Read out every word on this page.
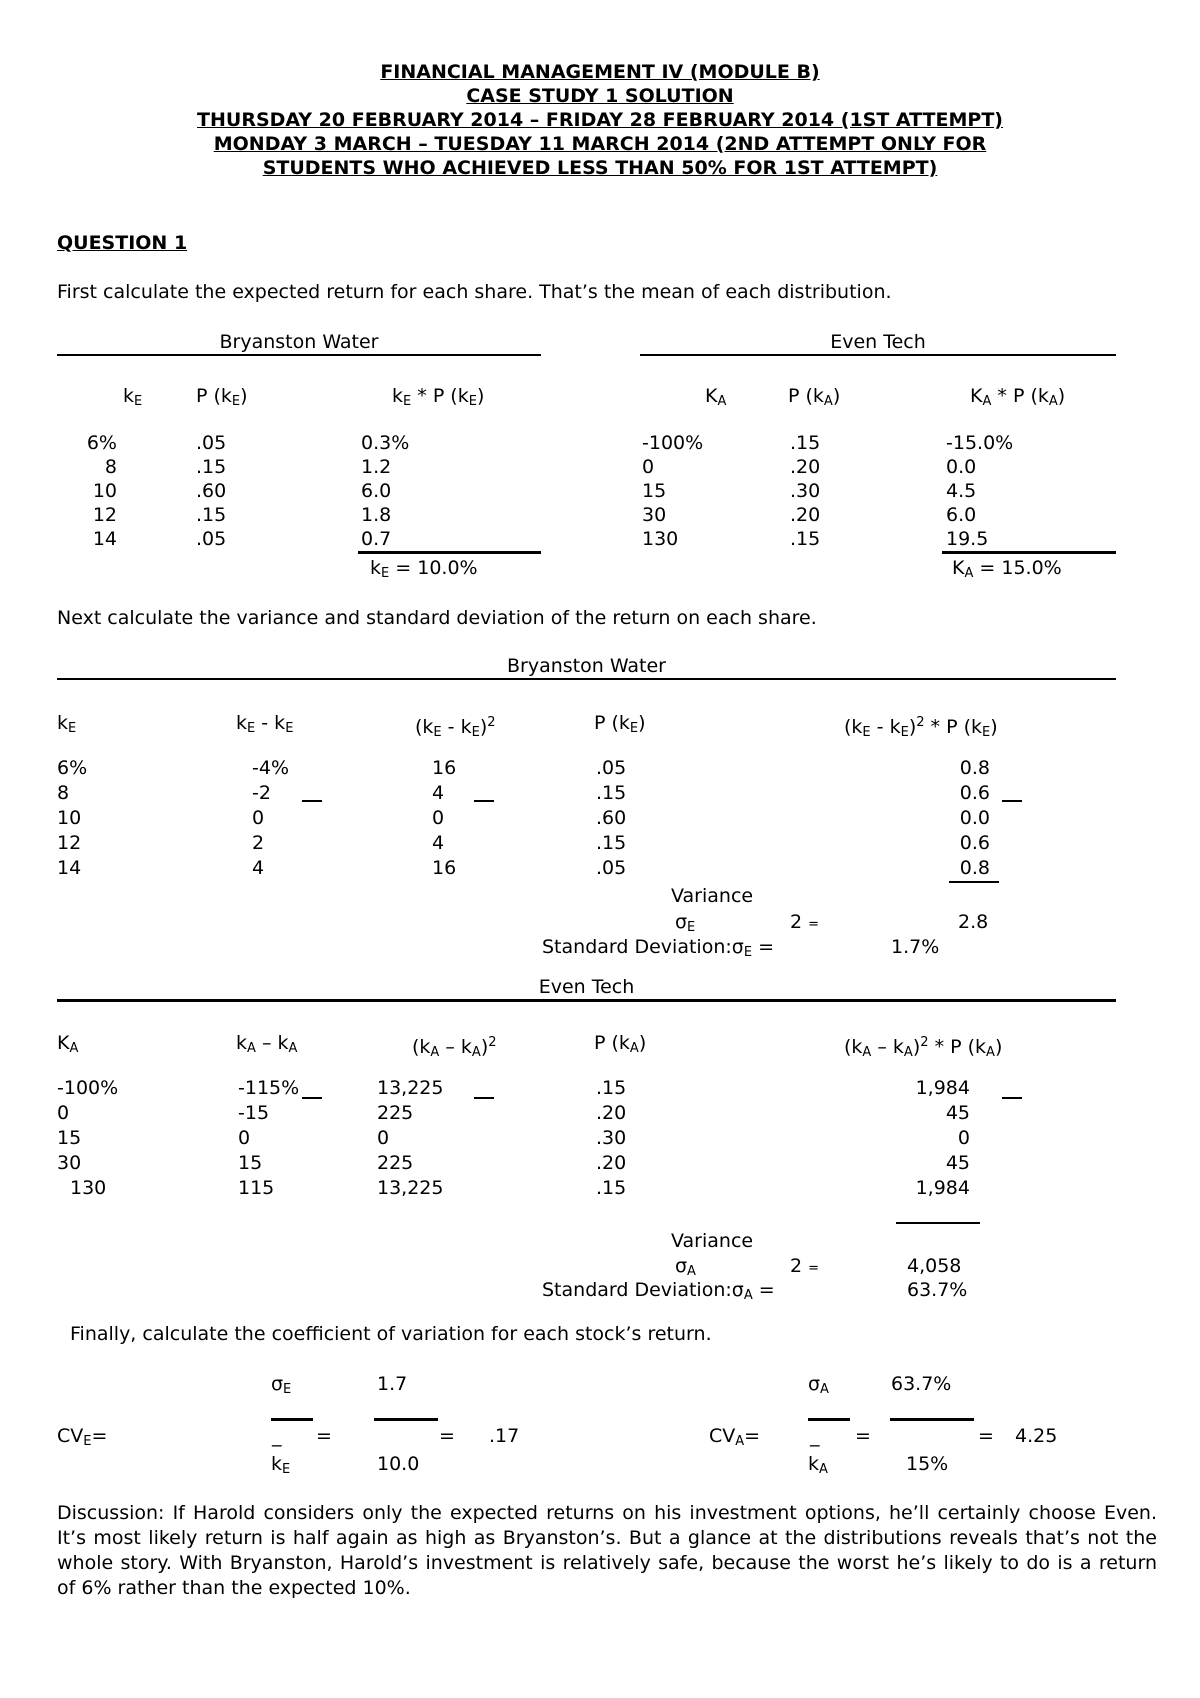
FINANCIAL MANAGEMENT IV (MODULE B)
CASE STUDY 1 SOLUTION
THURSDAY 20 FEBRUARY 2014 – FRIDAY 28 FEBRUARY 2014 (1ST ATTEMPT)
MONDAY 3 MARCH – TUESDAY 11 MARCH 2014 (2ND ATTEMPT ONLY FOR
STUDENTS WHO ACHIEVED LESS THAN 50% FOR 1ST ATTEMPT)
QUESTION 1
First calculate the expected return for each share. That’s the mean of each distribution.
Bryanston Water
$k_E$	P $(k_E)$	$k_E$ * P $(k_E)$
6%	.05	0.3%
8	.15	1.2
10	.60	6.0
12	.15	1.8
14	.05	0.7
$k_E = 10.0\%$
Even Tech
$K_A$	P $(k_A)$	$K_A$ * P $(k_A)$
-100%	.15	-15.0%
0	.20	0.0
15	.30	4.5
30	.20	6.0
130	.15	19.5
$K_A = 15.0\%$
Next calculate the variance and standard deviation of the return on each share.
Bryanston Water
$k_E$	$k_E - k_E$	$(k_E - k_E)^2$	P $(k_E)$	$(k_E - k_E)^2$ * P $(k_E)$
6%	-4%	16	.05	0.8
8	-2	4	.15	0.6
10	0	0	.60	0.0
12	2	4	.15	0.6
14	4	16	.05	0.8
Variance
$\sigma_E$	2 =	2.8
Standard $Deviation:\sigma_E$ =	1.7%
Even Tech
$K_A$	$k_A - k_A$	$(k_A - k_A)^2$	P $(k_A)$	$(k_A - k_A)^2$ * P $(k_A)$
-100%	-115%	13,225	.15	1,984
0	-15	225	.20	45
15	0	0	.30	0
30	15	225	.20	45
130	115	13,225	.15	1,984
Variance
$\sigma_A$	2 =	4,058
Standard $Deviation:\sigma_A$ =	63.7%
Finally, calculate the coefficient of variation for each stock’s return.
$\sigma_E$	1.7
$CV_E=$	_ =	= .17
$k_E$	10.0
$\sigma_A$	63.7%
$CV_A=$	_ =	= 4.25
$k_A$	15%
Discussion: If Harold considers only the expected returns on his investment options, he’ll certainly choose Even. It’s most likely return is half again as high as Bryanston’s. But a glance at the distributions reveals that’s not the whole story. With Bryanston, Harold’s investment is relatively safe, because the worst he’s likely to do is a return of 6% rather than the expected 10%.
